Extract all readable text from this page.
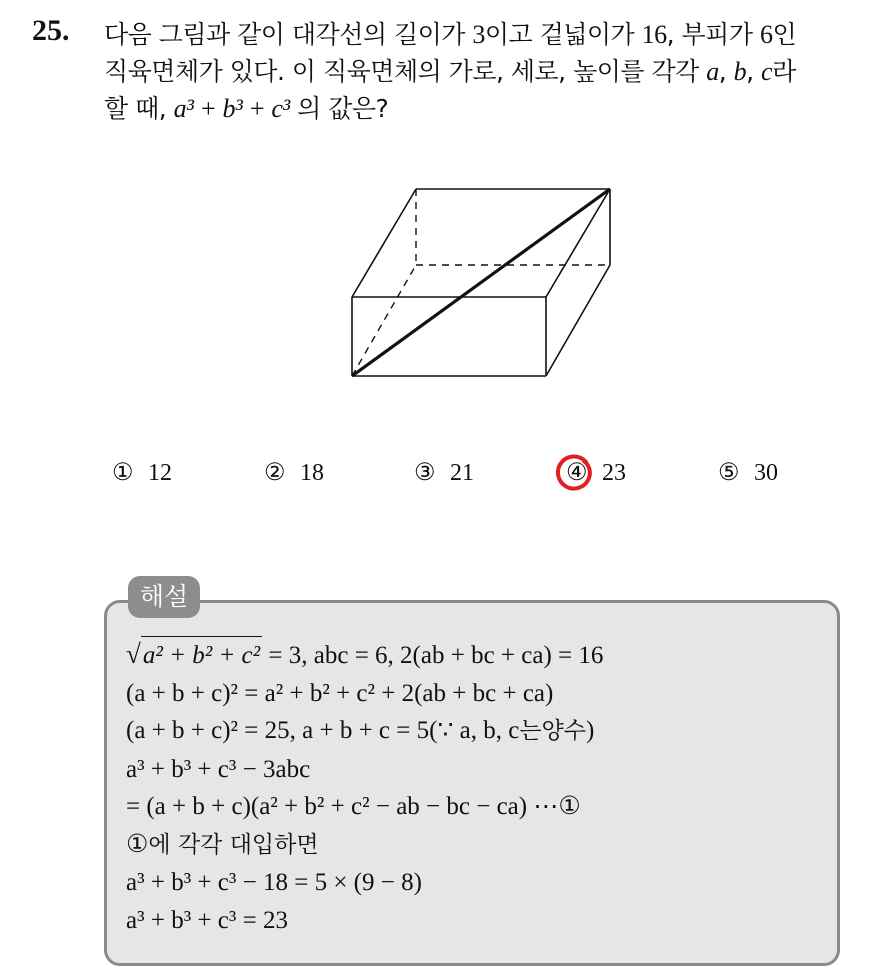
25. 다음 그림과 같이 대각선의 길이가 3이고 겉넓이가 16, 부피가 6인
직육면체가 있다. 이 직육면체의 가로, 세로, 높이를 각각 a, b, c라
할 때, a³ + b³ + c³ 의 값은?
① 12	② 18	③ 21	④ 23	⑤ 30
해설
√a² + b² + c² = 3, abc = 6, 2(ab + bc + ca) = 16
(a + b + c)² = a² + b² + c² + 2(ab + bc + ca)
(a + b + c)² = 25, a + b + c = 5(∵ a, b, c는양수)
a³ + b³ + c³ − 3abc
= (a + b + c)(a² + b² + c² − ab − bc − ca) ⋯①
①에 각각 대입하면
a³ + b³ + c³ − 18 = 5 × (9 − 8)
a³ + b³ + c³ = 23
